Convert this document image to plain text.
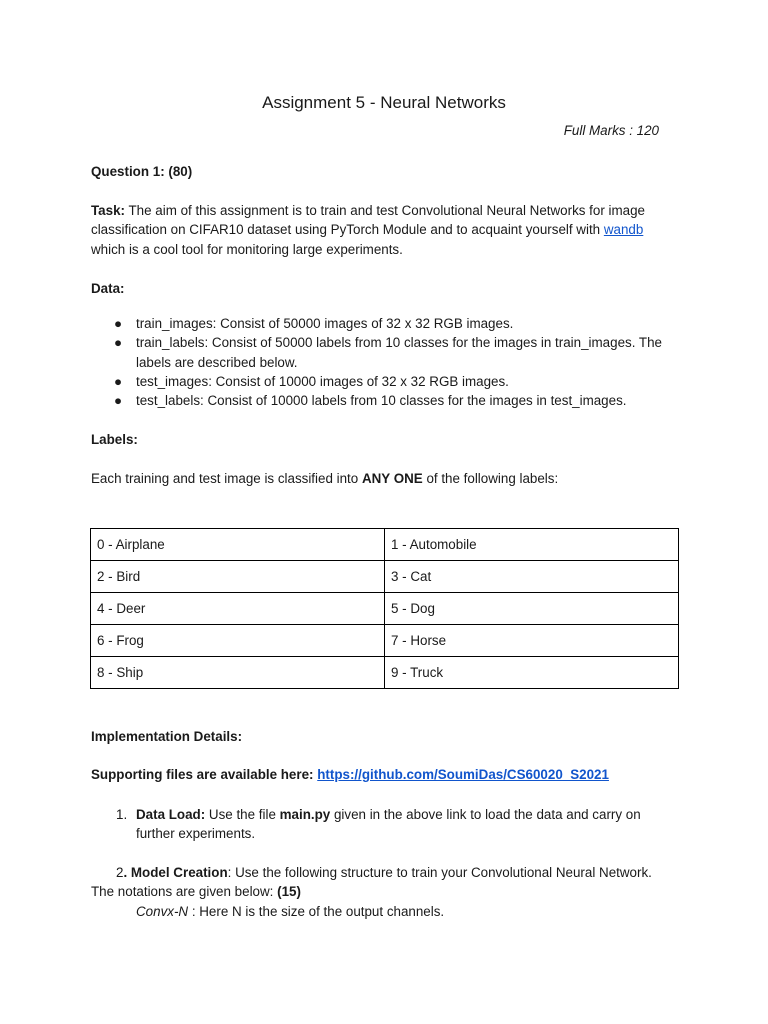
Assignment 5 - Neural Networks
Full Marks : 120
Question 1: (80)
Task: The aim of this assignment is to train and test Convolutional Neural Networks for image
classification on CIFAR10 dataset using PyTorch Module and to acquaint yourself with wandb
which is a cool tool for monitoring large experiments.
Data:
● train_images: Consist of 50000 images of 32 x 32 RGB images.
● train_labels: Consist of 50000 labels from 10 classes for the images in train_images. The
labels are described below.
● test_images: Consist of 10000 images of 32 x 32 RGB images.
● test_labels: Consist of 10000 labels from 10 classes for the images in test_images.
Labels:
Each training and test image is classified into ANY ONE of the following labels:
0 - Airplane	1 - Automobile
2 - Bird	3 - Cat
4 - Deer	5 - Dog
6 - Frog	7 - Horse
8 - Ship	9 - Truck
Implementation Details:
Supporting files are available here: https://github.com/SoumiDas/CS60020_S2021
1. Data Load: Use the file main.py given in the above link to load the data and carry on
further experiments.
2. Model Creation: Use the following structure to train your Convolutional Neural Network.
The notations are given below: (15)
Convx-N : Here N is the size of the output channels.
